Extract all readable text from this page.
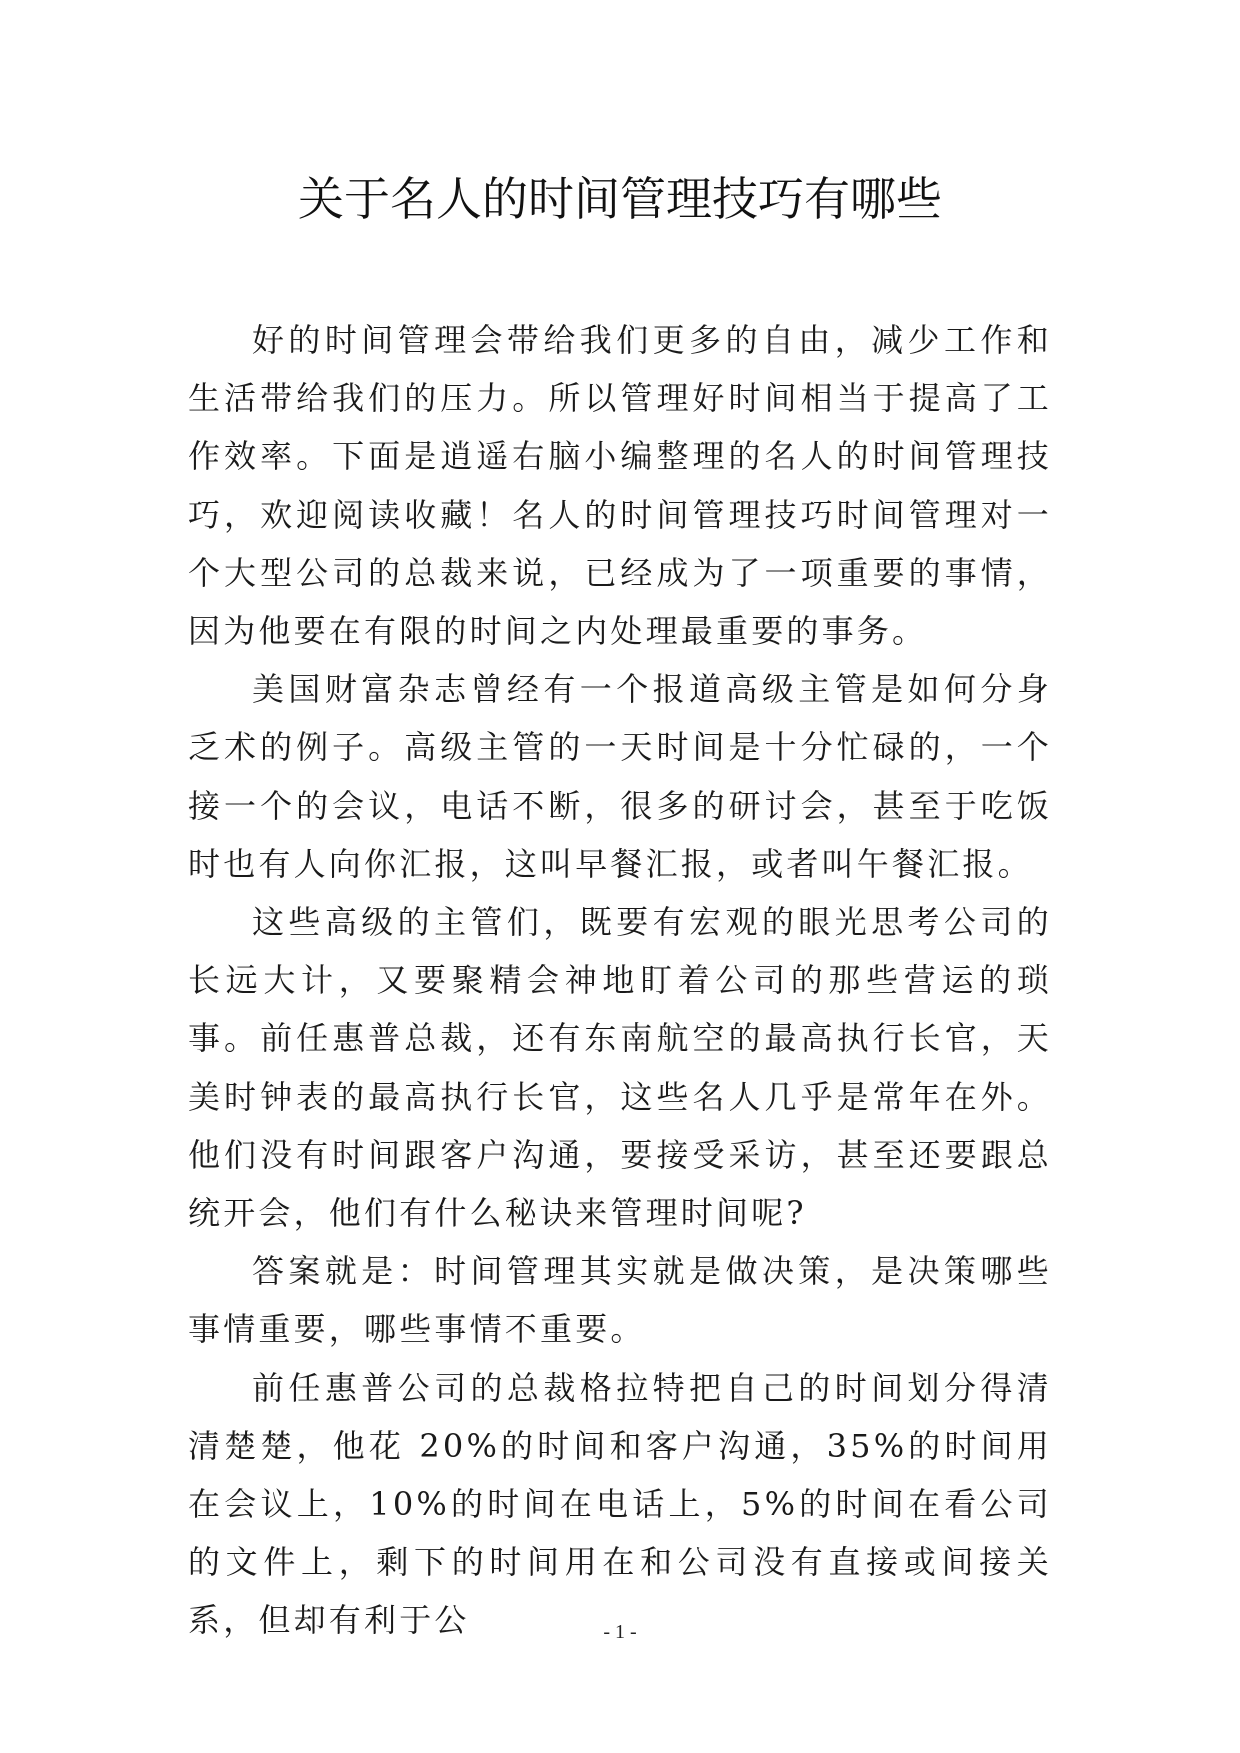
关于名人的时间管理技巧有哪些

好的时间管理会带给我们更多的自由，减少工作和生活带给我们的压力。所以管理好时间相当于提高了工作效率。下面是逍遥右脑小编整理的名人的时间管理技巧，欢迎阅读收藏！名人的时间管理技巧时间管理对一个大型公司的总裁来说，已经成为了一项重要的事情，因为他要在有限的时间之内处理最重要的事务。

美国财富杂志曾经有一个报道高级主管是如何分身乏术的例子。高级主管的一天时间是十分忙碌的，一个接一个的会议，电话不断，很多的研讨会，甚至于吃饭时也有人向你汇报，这叫早餐汇报，或者叫午餐汇报。

这些高级的主管们，既要有宏观的眼光思考公司的长远大计，又要聚精会神地盯着公司的那些营运的琐事。前任惠普总裁，还有东南航空的最高执行长官，天美时钟表的最高执行长官，这些名人几乎是常年在外。他们没有时间跟客户沟通，要接受采访，甚至还要跟总统开会，他们有什么秘诀来管理时间呢?

答案就是：时间管理其实就是做决策，是决策哪些事情重要，哪些事情不重要。

前任惠普公司的总裁格拉特把自己的时间划分得清清楚楚，他花 20%的时间和客户沟通，35%的时间用在会议上，10%的时间在电话上，5%的时间在看公司的文件上，剩下的时间用在和公司没有直接或间接关系，但却有利于公	- 1 -
